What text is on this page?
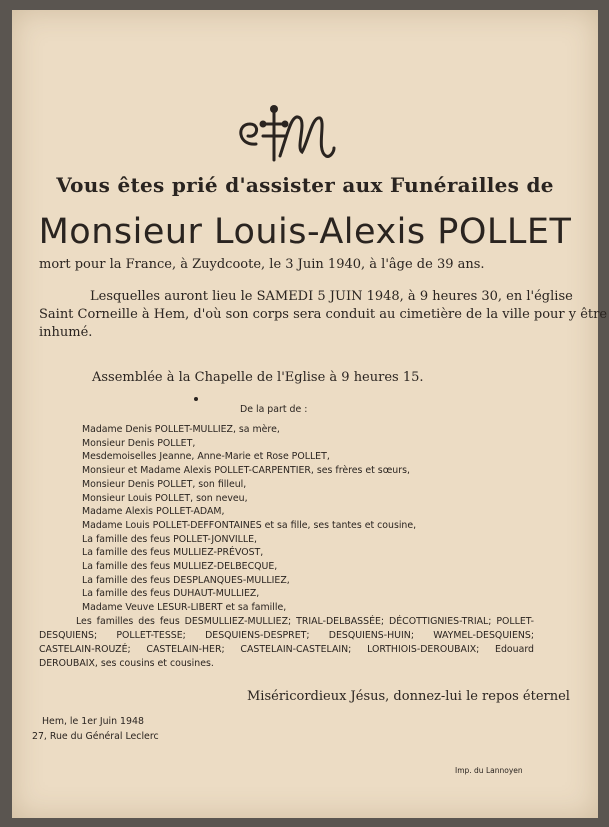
Vous êtes prié d'assister aux Funérailles de
Monsieur Louis-Alexis POLLET
mort pour la France, à Zuydcoote, le 3 Juin 1940, à l'âge de 39 ans.
Lesquelles auront lieu le SAMEDI 5 JUIN 1948, à 9 heures 30, en l'église
Saint Corneille à Hem, d'où son corps sera conduit au cimetière de la ville pour y être
inhumé.
Assemblée à la Chapelle de l'Eglise à 9 heures 15.
De la part de :
Madame Denis POLLET-MULLIEZ, sa mère,
Monsieur Denis POLLET,
Mesdemoiselles Jeanne, Anne-Marie et Rose POLLET,
Monsieur et Madame Alexis POLLET-CARPENTIER, ses frères et sœurs,
Monsieur Denis POLLET, son filleul,
Monsieur Louis POLLET, son neveu,
Madame Alexis POLLET-ADAM,
Madame Louis POLLET-DEFFONTAINES et sa fille, ses tantes et cousine,
La famille des feus POLLET-JONVILLE,
La famille des feus MULLIEZ-PRÉVOST,
La famille des feus MULLIEZ-DELBECQUE,
La famille des feus DESPLANQUES-MULLIEZ,
La famille des feus DUHAUT-MULLIEZ,
Madame Veuve LESUR-LIBERT et sa famille,
Les familles des feus DESMULLIEZ-MULLIEZ; TRIAL-DELBASSÉE; DÉCOTTIGNIES-TRIAL; POLLET-
DESQUIENS; POLLET-TESSE; DESQUIENS-DESPRET; DESQUIENS-HUIN; WAYMEL-DESQUIENS;
CASTELAIN-ROUZÉ; CASTELAIN-HER; CASTELAIN-CASTELAIN; LORTHIOIS-DEROUBAIX; Edouard
DEROUBAIX, ses cousins et cousines.
Miséricordieux Jésus, donnez-lui le repos éternel
Hem, le 1er Juin 1948
27, Rue du Général Leclerc
Imp. du Lannoyen
